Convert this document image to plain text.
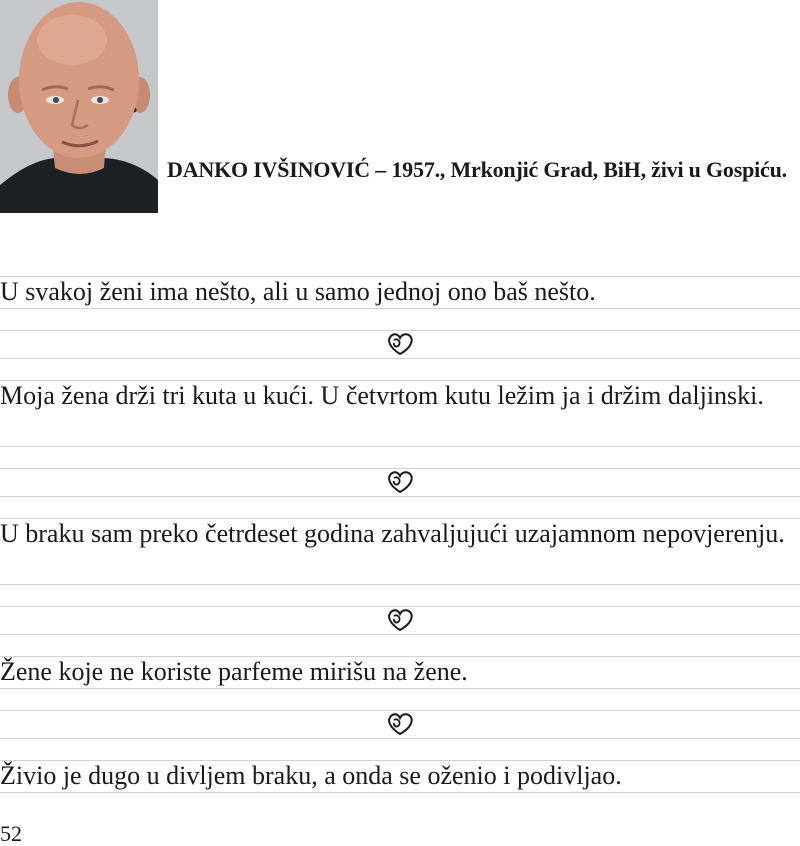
DANKO IVŠINOVIĆ – 1957., Mrkonjić Grad, BiH, živi u Gospiću.
U svakoj ženi ima nešto, ali u samo jednoj ono baš nešto.
Moja žena drži tri kuta u kući. U četvrtom kutu ležim ja i držim daljinski.
U braku sam preko četrdeset godina zahvaljujući uzajamnom nepovjerenju.
Žene koje ne koriste parfeme mirišu na žene.
Živio je dugo u divljem braku, a onda se oženio i podivljao.
52
